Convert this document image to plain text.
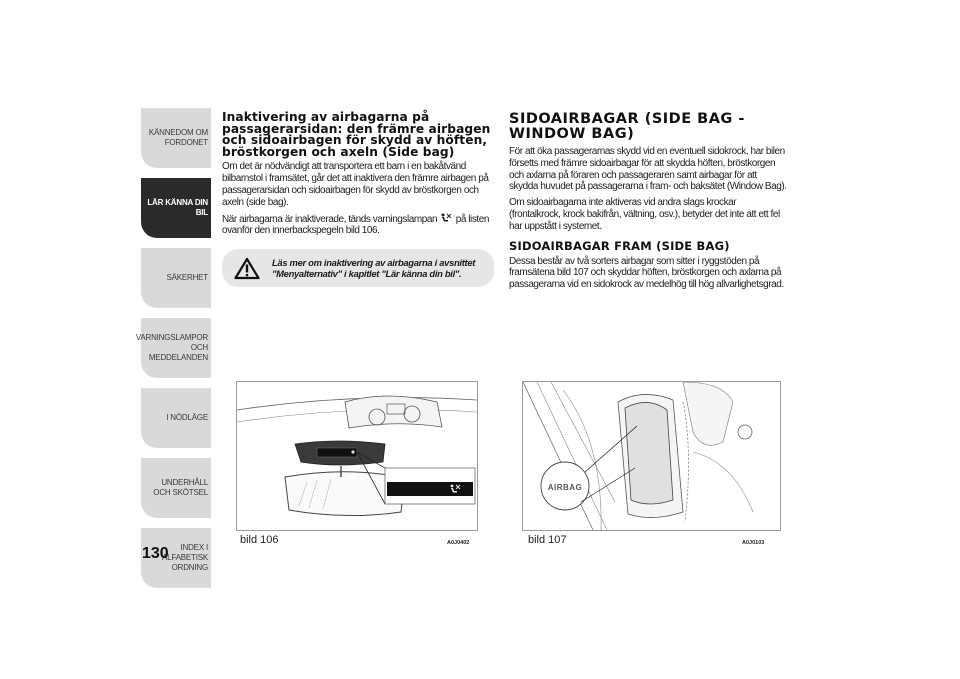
KÄNNEDOM OM FORDONET
LÄR KÄNNA DIN BIL
SÄKERHET
VARNINGSLAMPOR OCH MEDDELANDEN
I NÖDLÄGE
UNDERHÅLL OCH SKÖTSEL
INDEX I ALFABETISK ORDNING
130
Inaktivering av airbagarna på passagerarsidan: den främre airbagen och sidoairbagen för skydd av höften, bröstkorgen och axeln (Side bag)

Om det är nödvändigt att transportera ett barn i en bakåtvänd bilbarnstol i framsätet, går det att inaktivera den främre airbagen på passagerarsidan och sidoairbagen för skydd av bröstkorgen och axeln (side bag).

När airbagarna är inaktiverade, tänds varningslampan
på listen ovanför den innerbackspegeln bild 106.

Läs mer om inaktivering av airbagarna i avsnittet "Menyalternativ" i kapitlet "Lär känna din bil".
SIDOAIRBAGAR (SIDE BAG - WINDOW BAG)

För att öka passagerarnas skydd vid en eventuell sidokrock, har bilen försetts med främre sidoairbagar för att skydda höften, bröstkorgen och axlarna på föraren och passageraren samt airbagar för att skydda huvudet på passagerarna i fram- och baksätet (Window Bag).

Om sidoairbagarna inte aktiveras vid andra slags krockar (frontalkrock, krock bakifrån, vältning, osv.), betyder det inte att ett fel har uppstått i systemet.

SIDOAIRBAGAR FRAM (SIDE BAG)

Dessa består av två sorters airbagar som sitter i ryggstöden på framsätena bild 107 och skyddar höften, bröstkorgen och axlarna på passagerarna vid en sidokrock av medelhög till hög allvarlighetsgrad.

bild 106	A0J0402
AIRBAG
bild 107	A0J0103
